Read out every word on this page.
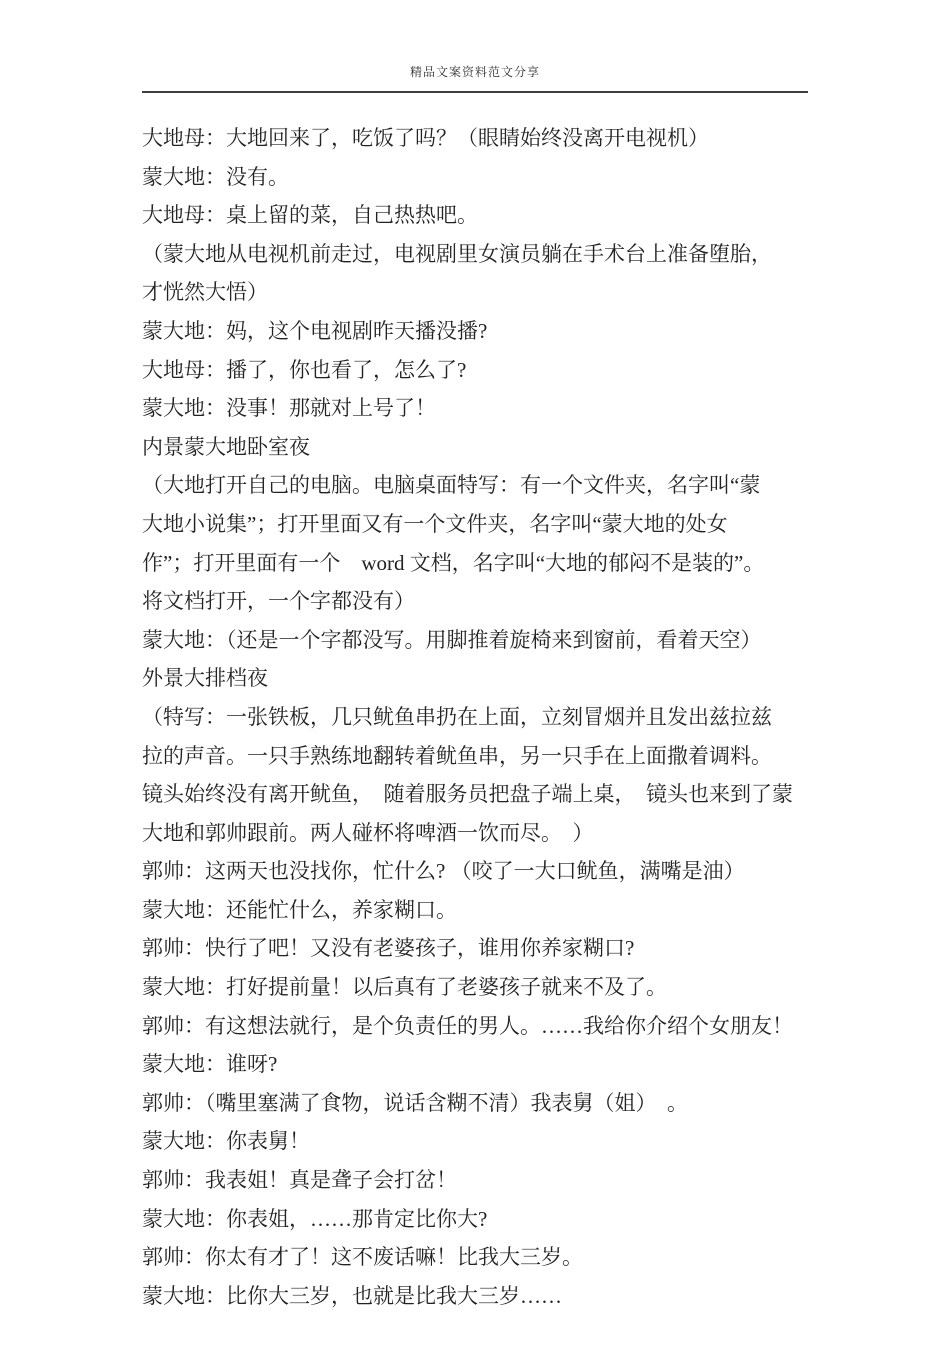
精品文案资料范文分享
大地母：大地回来了，吃饭了吗？（眼睛始终没离开电视机）
蒙大地：没有。
大地母：桌上留的菜，自己热热吧。
（蒙大地从电视机前走过，电视剧里女演员躺在手术台上准备堕胎，
才恍然大悟）
蒙大地：妈，这个电视剧昨天播没播?
大地母：播了，你也看了，怎么了?
蒙大地：没事！那就对上号了！
内景蒙大地卧室夜
（大地打开自己的电脑。电脑桌面特写：有一个文件夹，名字叫“蒙
大地小说集”；打开里面又有一个文件夹，名字叫“蒙大地的处女
作”；打开里面有一个　word 文档，名字叫“大地的郁闷不是装的”。
将文档打开，一个字都没有）
蒙大地：（还是一个字都没写。用脚推着旋椅来到窗前，看着天空）
外景大排档夜
（特写：一张铁板，几只鱿鱼串扔在上面，立刻冒烟并且发出兹拉兹
拉的声音。一只手熟练地翻转着鱿鱼串，另一只手在上面撒着调料。
镜头始终没有离开鱿鱼，　随着服务员把盘子端上桌，　镜头也来到了蒙
大地和郭帅跟前。两人碰杯将啤酒一饮而尽。　）
郭帅：这两天也没找你，忙什么? （咬了一大口鱿鱼，满嘴是油）
蒙大地：还能忙什么，养家糊口。
郭帅：快行了吧！又没有老婆孩子，谁用你养家糊口?
蒙大地：打好提前量！以后真有了老婆孩子就来不及了。
郭帅：有这想法就行，是个负责任的男人。……我给你介绍个女朋友！
蒙大地：谁呀?
郭帅：（嘴里塞满了食物，说话含糊不清）我表舅（姐）　。
蒙大地：你表舅！
郭帅：我表姐！真是聋子会打岔！
蒙大地：你表姐，……那肯定比你大?
郭帅：你太有才了！这不废话嘛！比我大三岁。
蒙大地：比你大三岁，也就是比我大三岁……
